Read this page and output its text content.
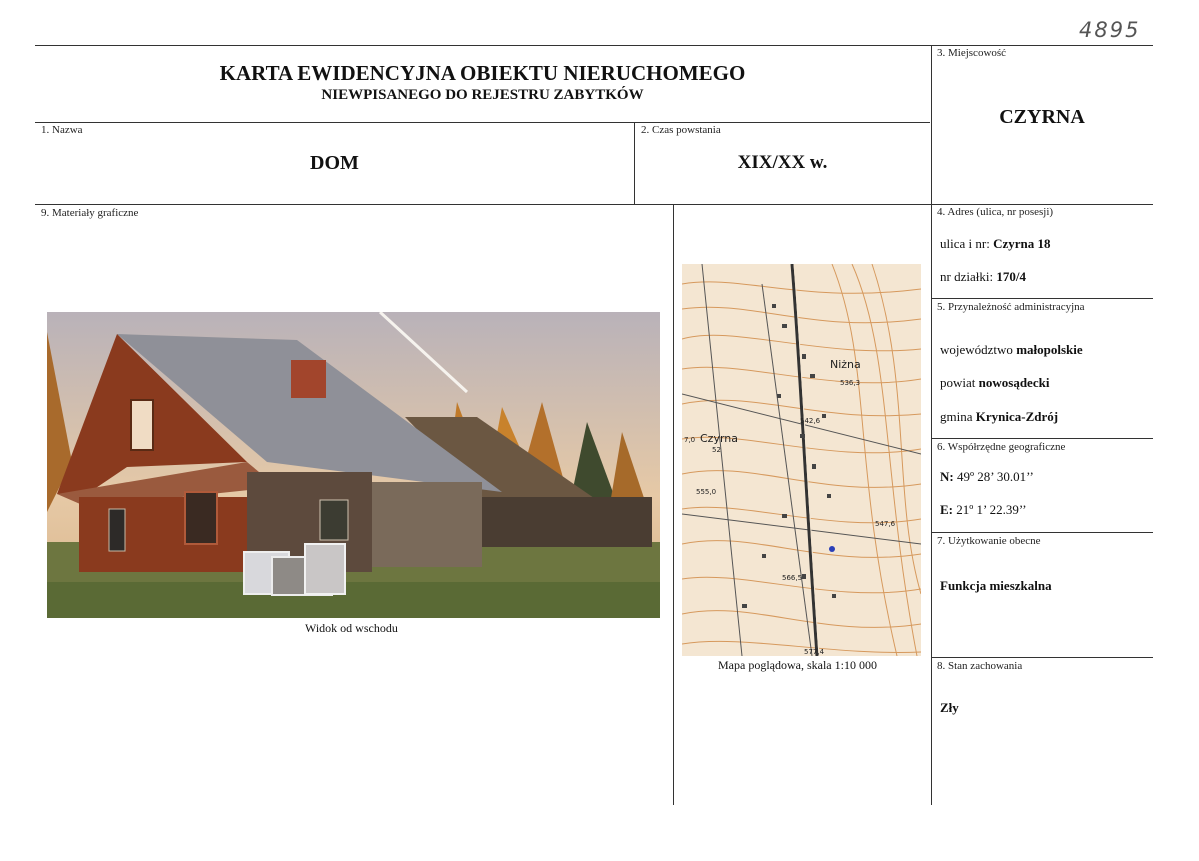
4895
KARTA EWIDENCYJNA OBIEKTU NIERUCHOMEGO
NIEWPISANEGO DO REJESTRU ZABYTKÓW
3. Miejscowość
CZYRNA
1. Nazwa
DOM
2. Czas powstania
XIX/XX w.
9. Materiały graficzne
Widok od wschodu
Niżna
Czyrna
536,3
542,6
555,0
547,6
566,5
577,4
52
7,0
Mapa poglądowa, skala 1:10 000
4. Adres (ulica, nr posesji)
ulica i nr: Czyrna 18
nr działki: 170/4
5. Przynależność administracyjna
województwo małopolskie
powiat nowosądecki
gmina Krynica-Zdrój
6. Współrzędne geograficzne
N: 49º 28’ 30.01’’
E: 21º 1’ 22.39’’
7. Użytkowanie obecne
Funkcja mieszkalna
8. Stan zachowania
Zły
